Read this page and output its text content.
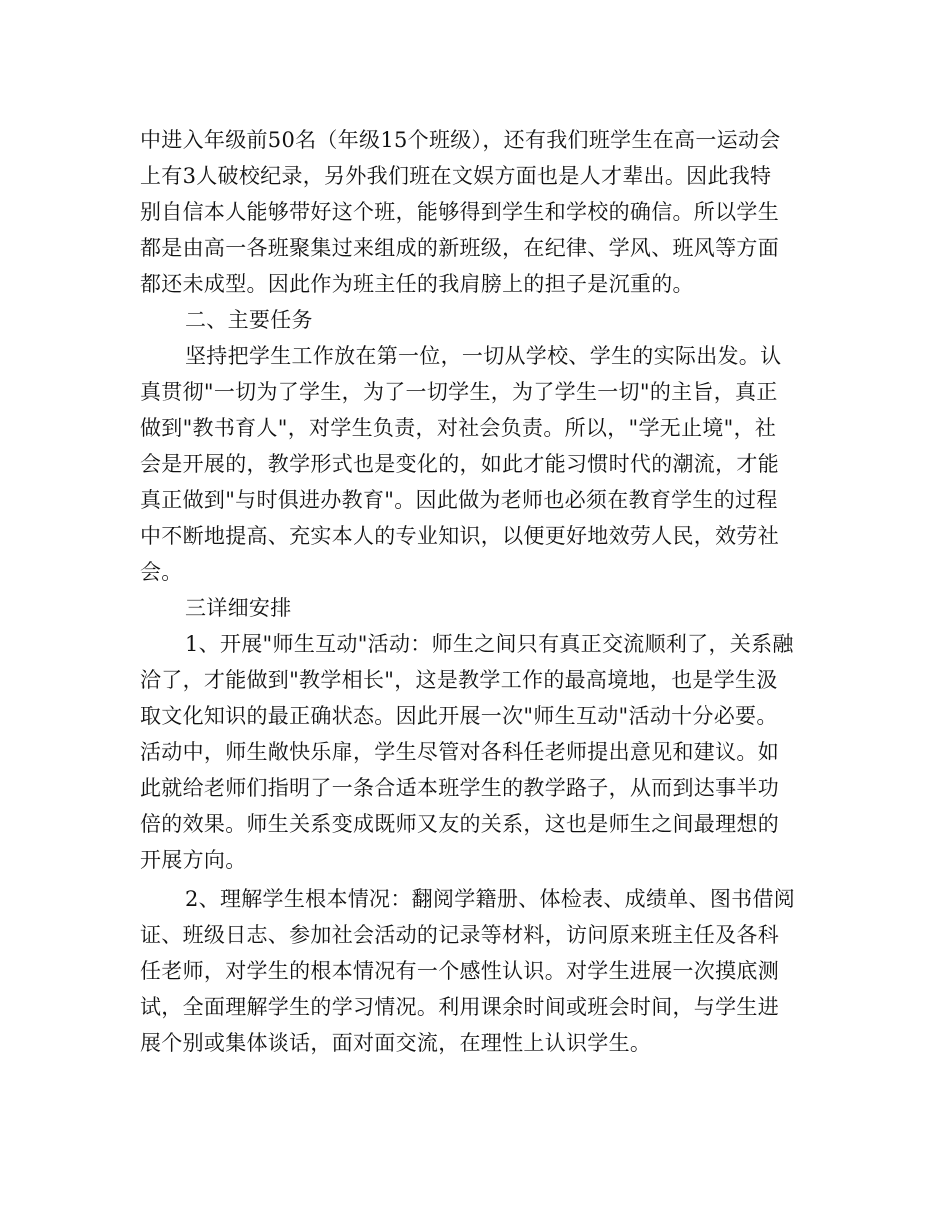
中进入年级前50名（年级15个班级），还有我们班学生在高一运动会
上有3人破校纪录，另外我们班在文娱方面也是人才辈出。因此我特
别自信本人能够带好这个班，能够得到学生和学校的确信。所以学生
都是由高一各班聚集过来组成的新班级，在纪律、学风、班风等方面
都还未成型。因此作为班主任的我肩膀上的担子是沉重的。
二、主要任务
坚持把学生工作放在第一位，一切从学校、学生的实际出发。认
真贯彻"一切为了学生，为了一切学生，为了学生一切"的主旨，真正
做到"教书育人"，对学生负责，对社会负责。所以，"学无止境"，社
会是开展的，教学形式也是变化的，如此才能习惯时代的潮流，才能
真正做到"与时俱进办教育"。因此做为老师也必须在教育学生的过程
中不断地提高、充实本人的专业知识，以便更好地效劳人民，效劳社
会。
三详细安排
1、开展"师生互动"活动：师生之间只有真正交流顺利了，关系融
洽了，才能做到"教学相长"，这是教学工作的最高境地，也是学生汲
取文化知识的最正确状态。因此开展一次"师生互动"活动十分必要。
活动中，师生敞快乐扉，学生尽管对各科任老师提出意见和建议。如
此就给老师们指明了一条合适本班学生的教学路子，从而到达事半功
倍的效果。师生关系变成既师又友的关系，这也是师生之间最理想的
开展方向。
2、理解学生根本情况：翻阅学籍册、体检表、成绩单、图书借阅
证、班级日志、参加社会活动的记录等材料，访问原来班主任及各科
任老师，对学生的根本情况有一个感性认识。对学生进展一次摸底测
试，全面理解学生的学习情况。利用课余时间或班会时间，与学生进
展个别或集体谈话，面对面交流，在理性上认识学生。
